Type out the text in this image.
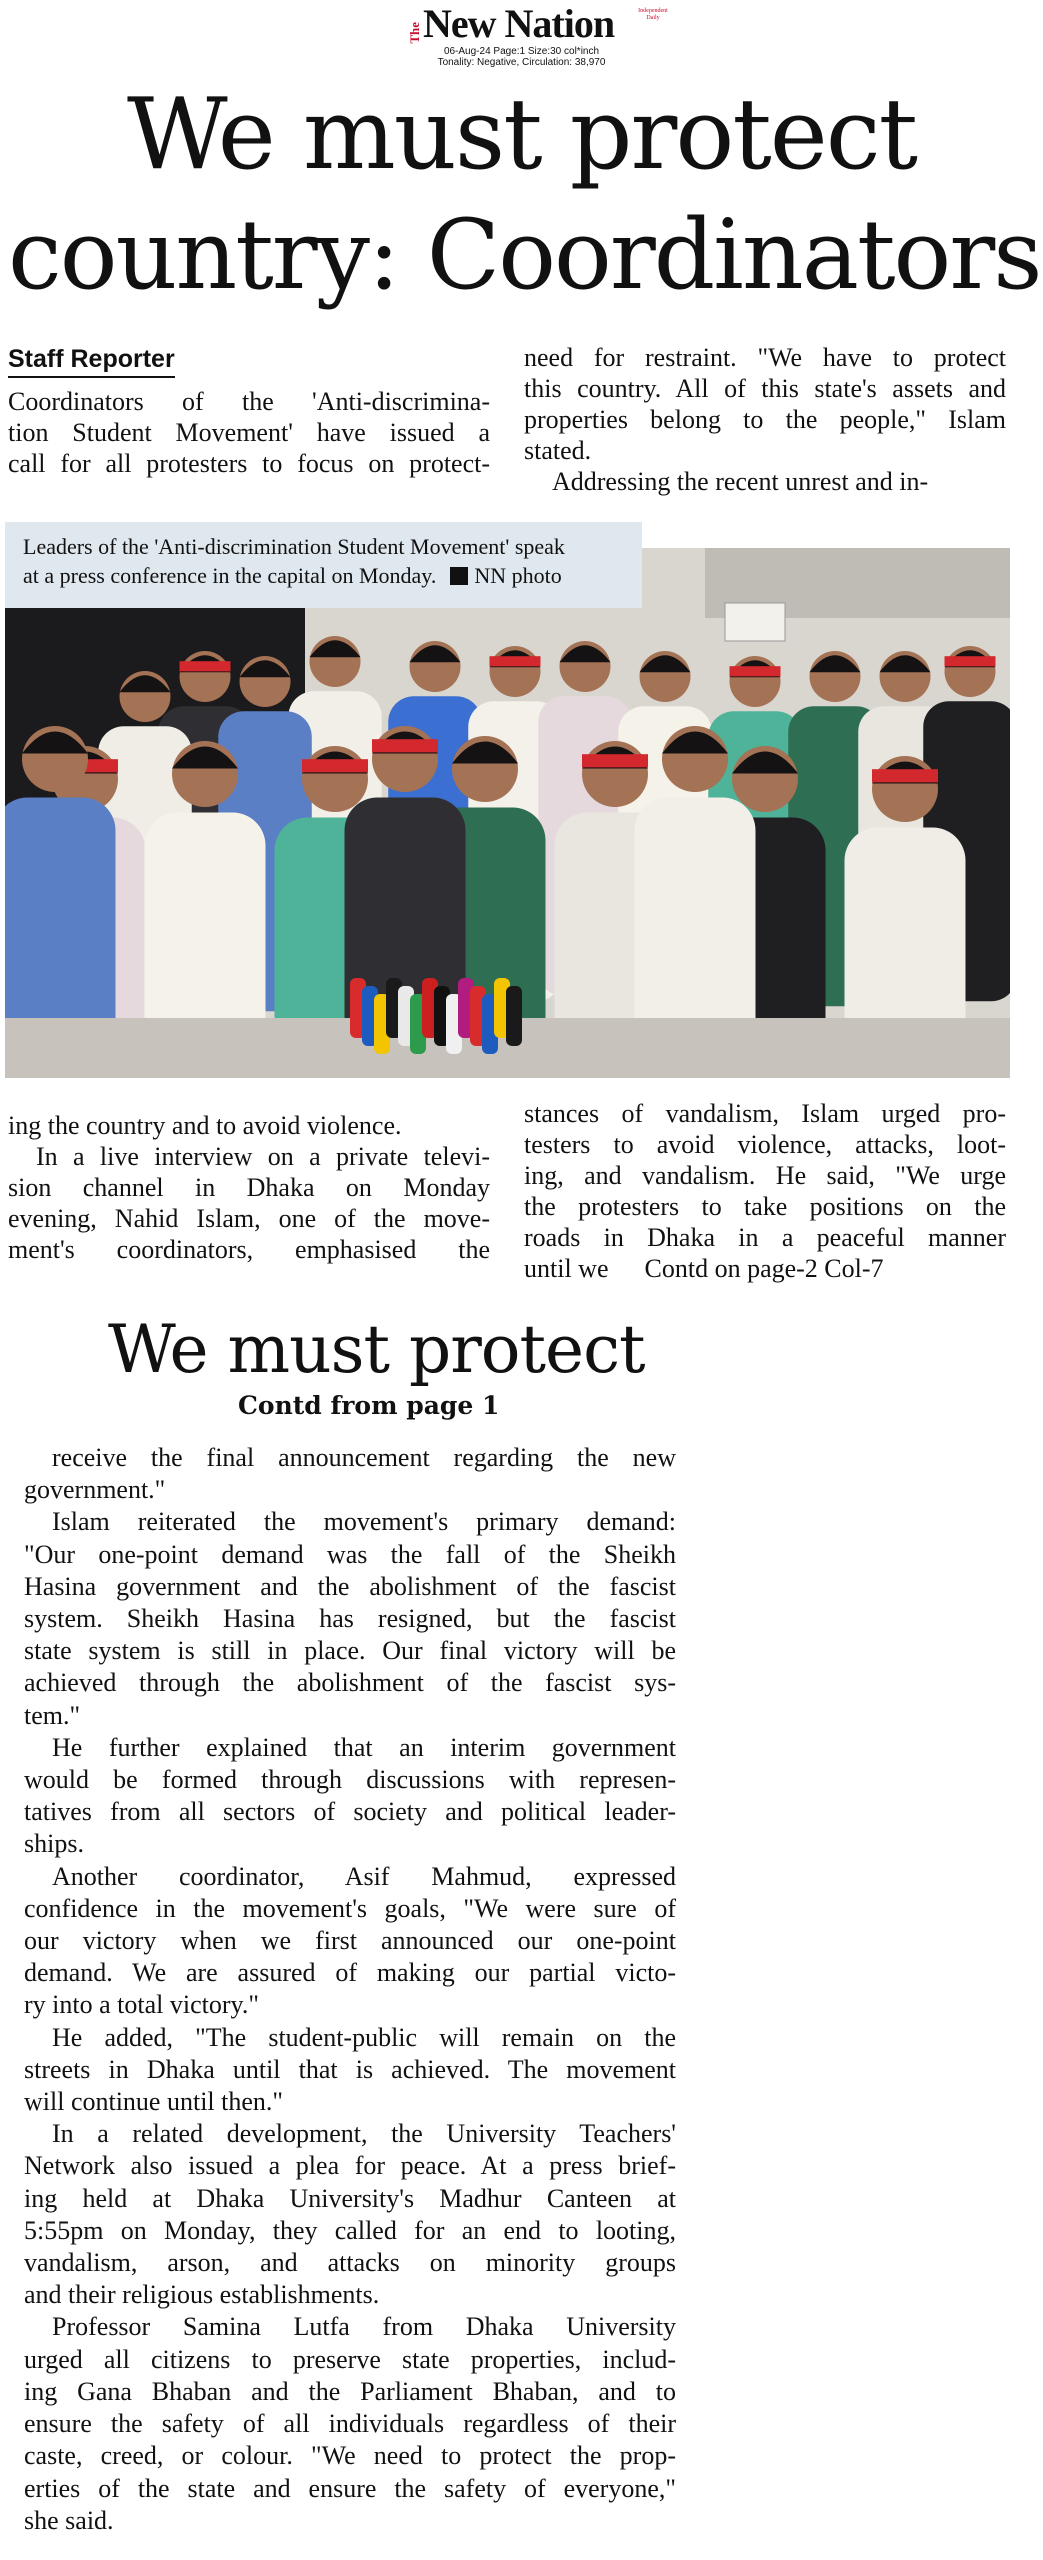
The New Nation	Independent Daily
06-Aug-24 Page:1 Size:30 col*inch
Tonality: Negative, Circulation: 38,970
We must protect
country: Coordinators
Staff Reporter
Coordinators of the 'Anti-discrimina-
tion Student Movement' have issued a
call for all protesters to focus on protect-
need for restraint. "We have to protect
this country. All of this state's assets and
properties belong to the people," Islam
stated.
Addressing the recent unrest and in-
Leaders of the 'Anti-discrimination Student Movement' speak
at a press conference in the capital on Monday. NN photo
ing the country and to avoid violence.
In a live interview on a private televi-
sion channel in Dhaka on Monday
evening, Nahid Islam, one of the move-
ment's coordinators, emphasised the
stances of vandalism, Islam urged pro-
testers to avoid violence, attacks, loot-
ing, and vandalism. He said, "We urge
the protesters to take positions on the
roads in Dhaka in a peaceful manner
until we Contd on page-2 Col-7
We must protect
Contd from page 1
receive the final announcement regarding the new
government."
Islam reiterated the movement's primary demand:
"Our one-point demand was the fall of the Sheikh
Hasina government and the abolishment of the fascist
system. Sheikh Hasina has resigned, but the fascist
state system is still in place. Our final victory will be
achieved through the abolishment of the fascist sys-
tem."
He further explained that an interim government
would be formed through discussions with represen-
tatives from all sectors of society and political leader-
ships.
Another coordinator, Asif Mahmud, expressed
confidence in the movement's goals, "We were sure of
our victory when we first announced our one-point
demand. We are assured of making our partial victo-
ry into a total victory."
He added, "The student-public will remain on the
streets in Dhaka until that is achieved. The movement
will continue until then."
In a related development, the University Teachers'
Network also issued a plea for peace. At a press brief-
ing held at Dhaka University's Madhur Canteen at
5:55pm on Monday, they called for an end to looting,
vandalism, arson, and attacks on minority groups
and their religious establishments.
Professor Samina Lutfa from Dhaka University
urged all citizens to preserve state properties, includ-
ing Gana Bhaban and the Parliament Bhaban, and to
ensure the safety of all individuals regardless of their
caste, creed, or colour. "We need to protect the prop-
erties of the state and ensure the safety of everyone,"
she said.
